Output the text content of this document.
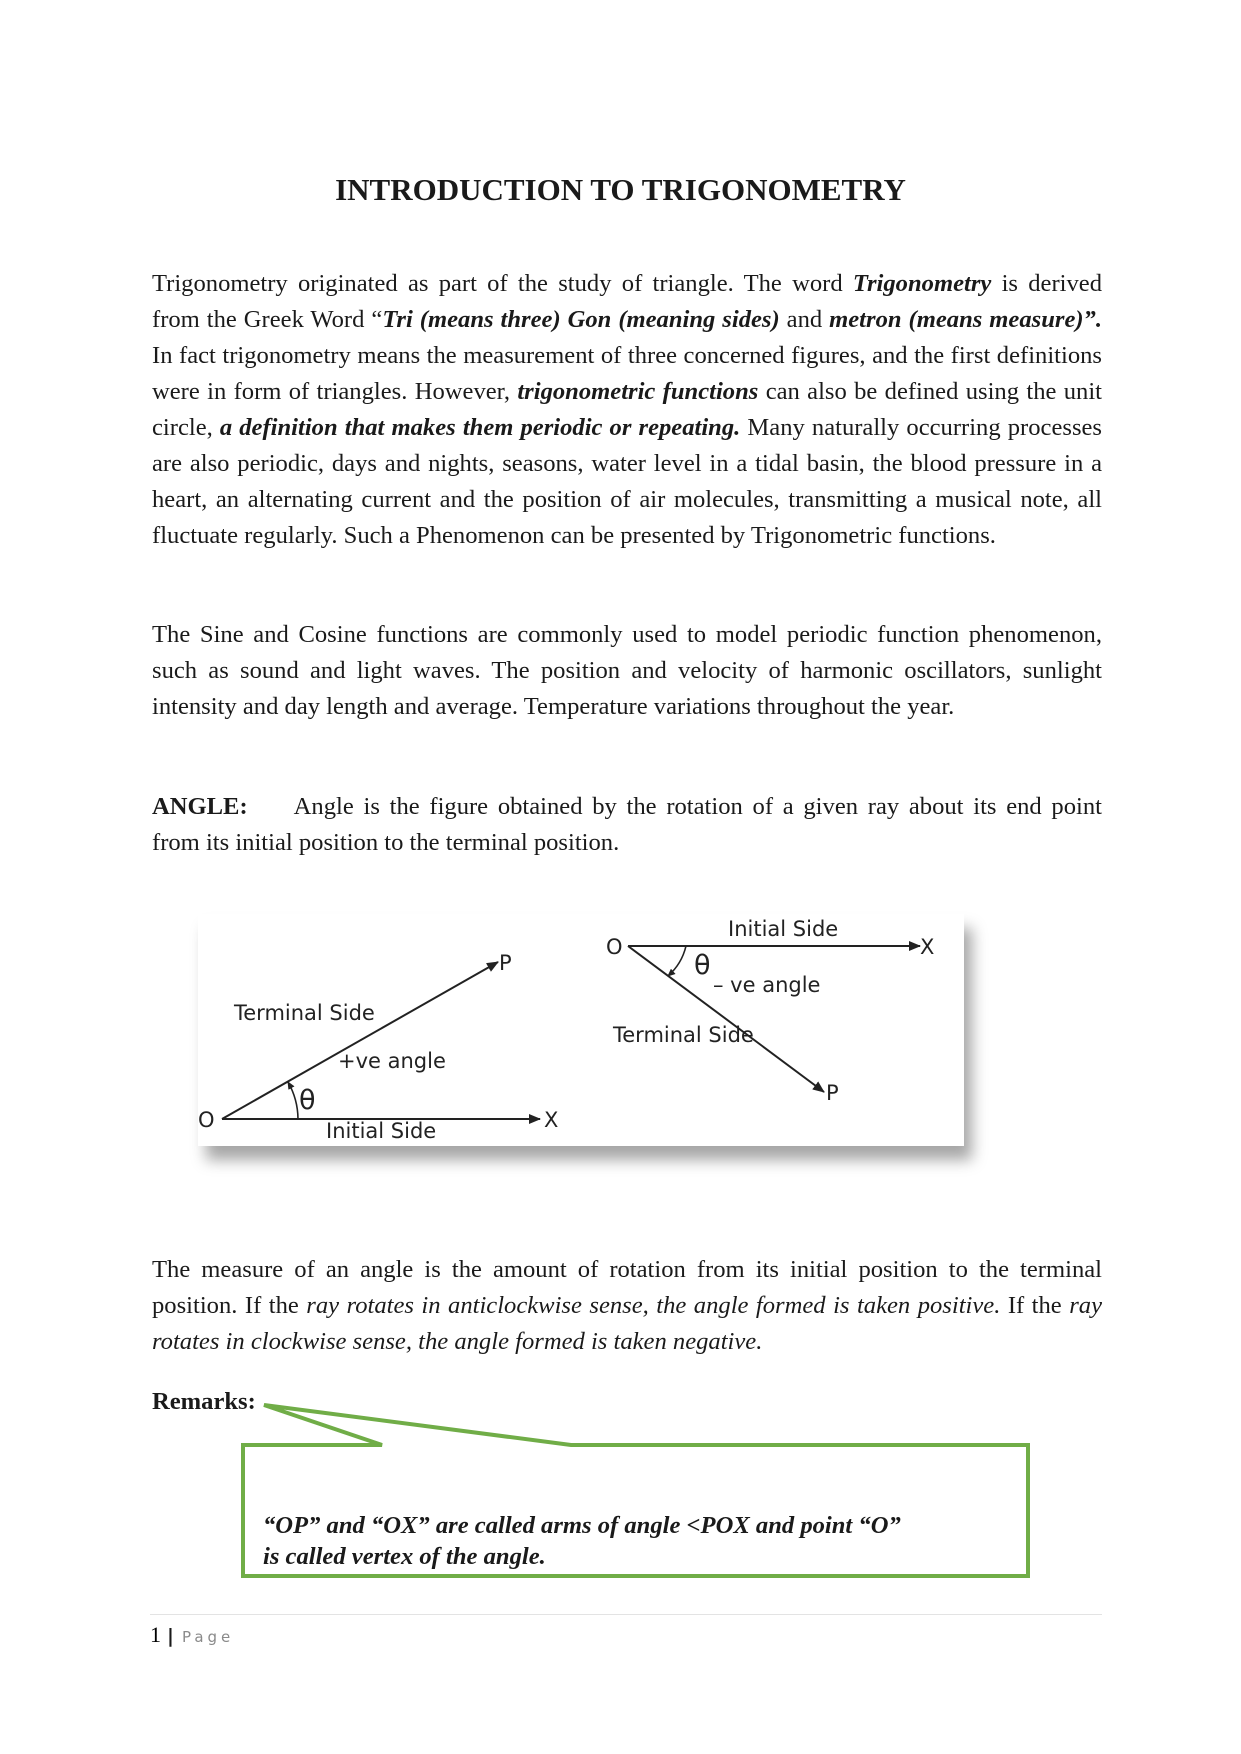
INTRODUCTION TO TRIGONOMETRY
Trigonometry originated as part of the study of triangle. The word Trigonometry is derived from the Greek Word “Tri (means three) Gon (meaning sides) and metron (means measure)”. In fact trigonometry means the measurement of three concerned figures, and the first definitions were in form of triangles. However, trigonometric functions can also be defined using the unit circle, a definition that makes them periodic or repeating. Many naturally occurring processes are also periodic, days and nights, seasons, water level in a tidal basin, the blood pressure in a heart, an alternating current and the position of air molecules, transmitting a musical note, all fluctuate regularly. Such a Phenomenon can be presented by Trigonometric functions.
The Sine and Cosine functions are commonly used to model periodic function phenomenon, such as sound and light waves. The position and velocity of harmonic oscillators, sunlight intensity and day length and average. Temperature variations throughout the year.
ANGLE: Angle is the figure obtained by the rotation of a given ray about its end point from its initial position to the terminal position.
O
P
X
Terminal Side
+ve angle
θ
Initial Side
O	X
P
Initial Side
θ
– ve angle
Terminal Side
The measure of an angle is the amount of rotation from its initial position to the terminal position. If the ray rotates in anticlockwise sense, the angle formed is taken positive. If the ray rotates in clockwise sense, the angle formed is taken negative.
Remarks:
“OP” and “OX” are called arms of angle <POX and point “O”
is called vertex of the angle.
1 | Page
